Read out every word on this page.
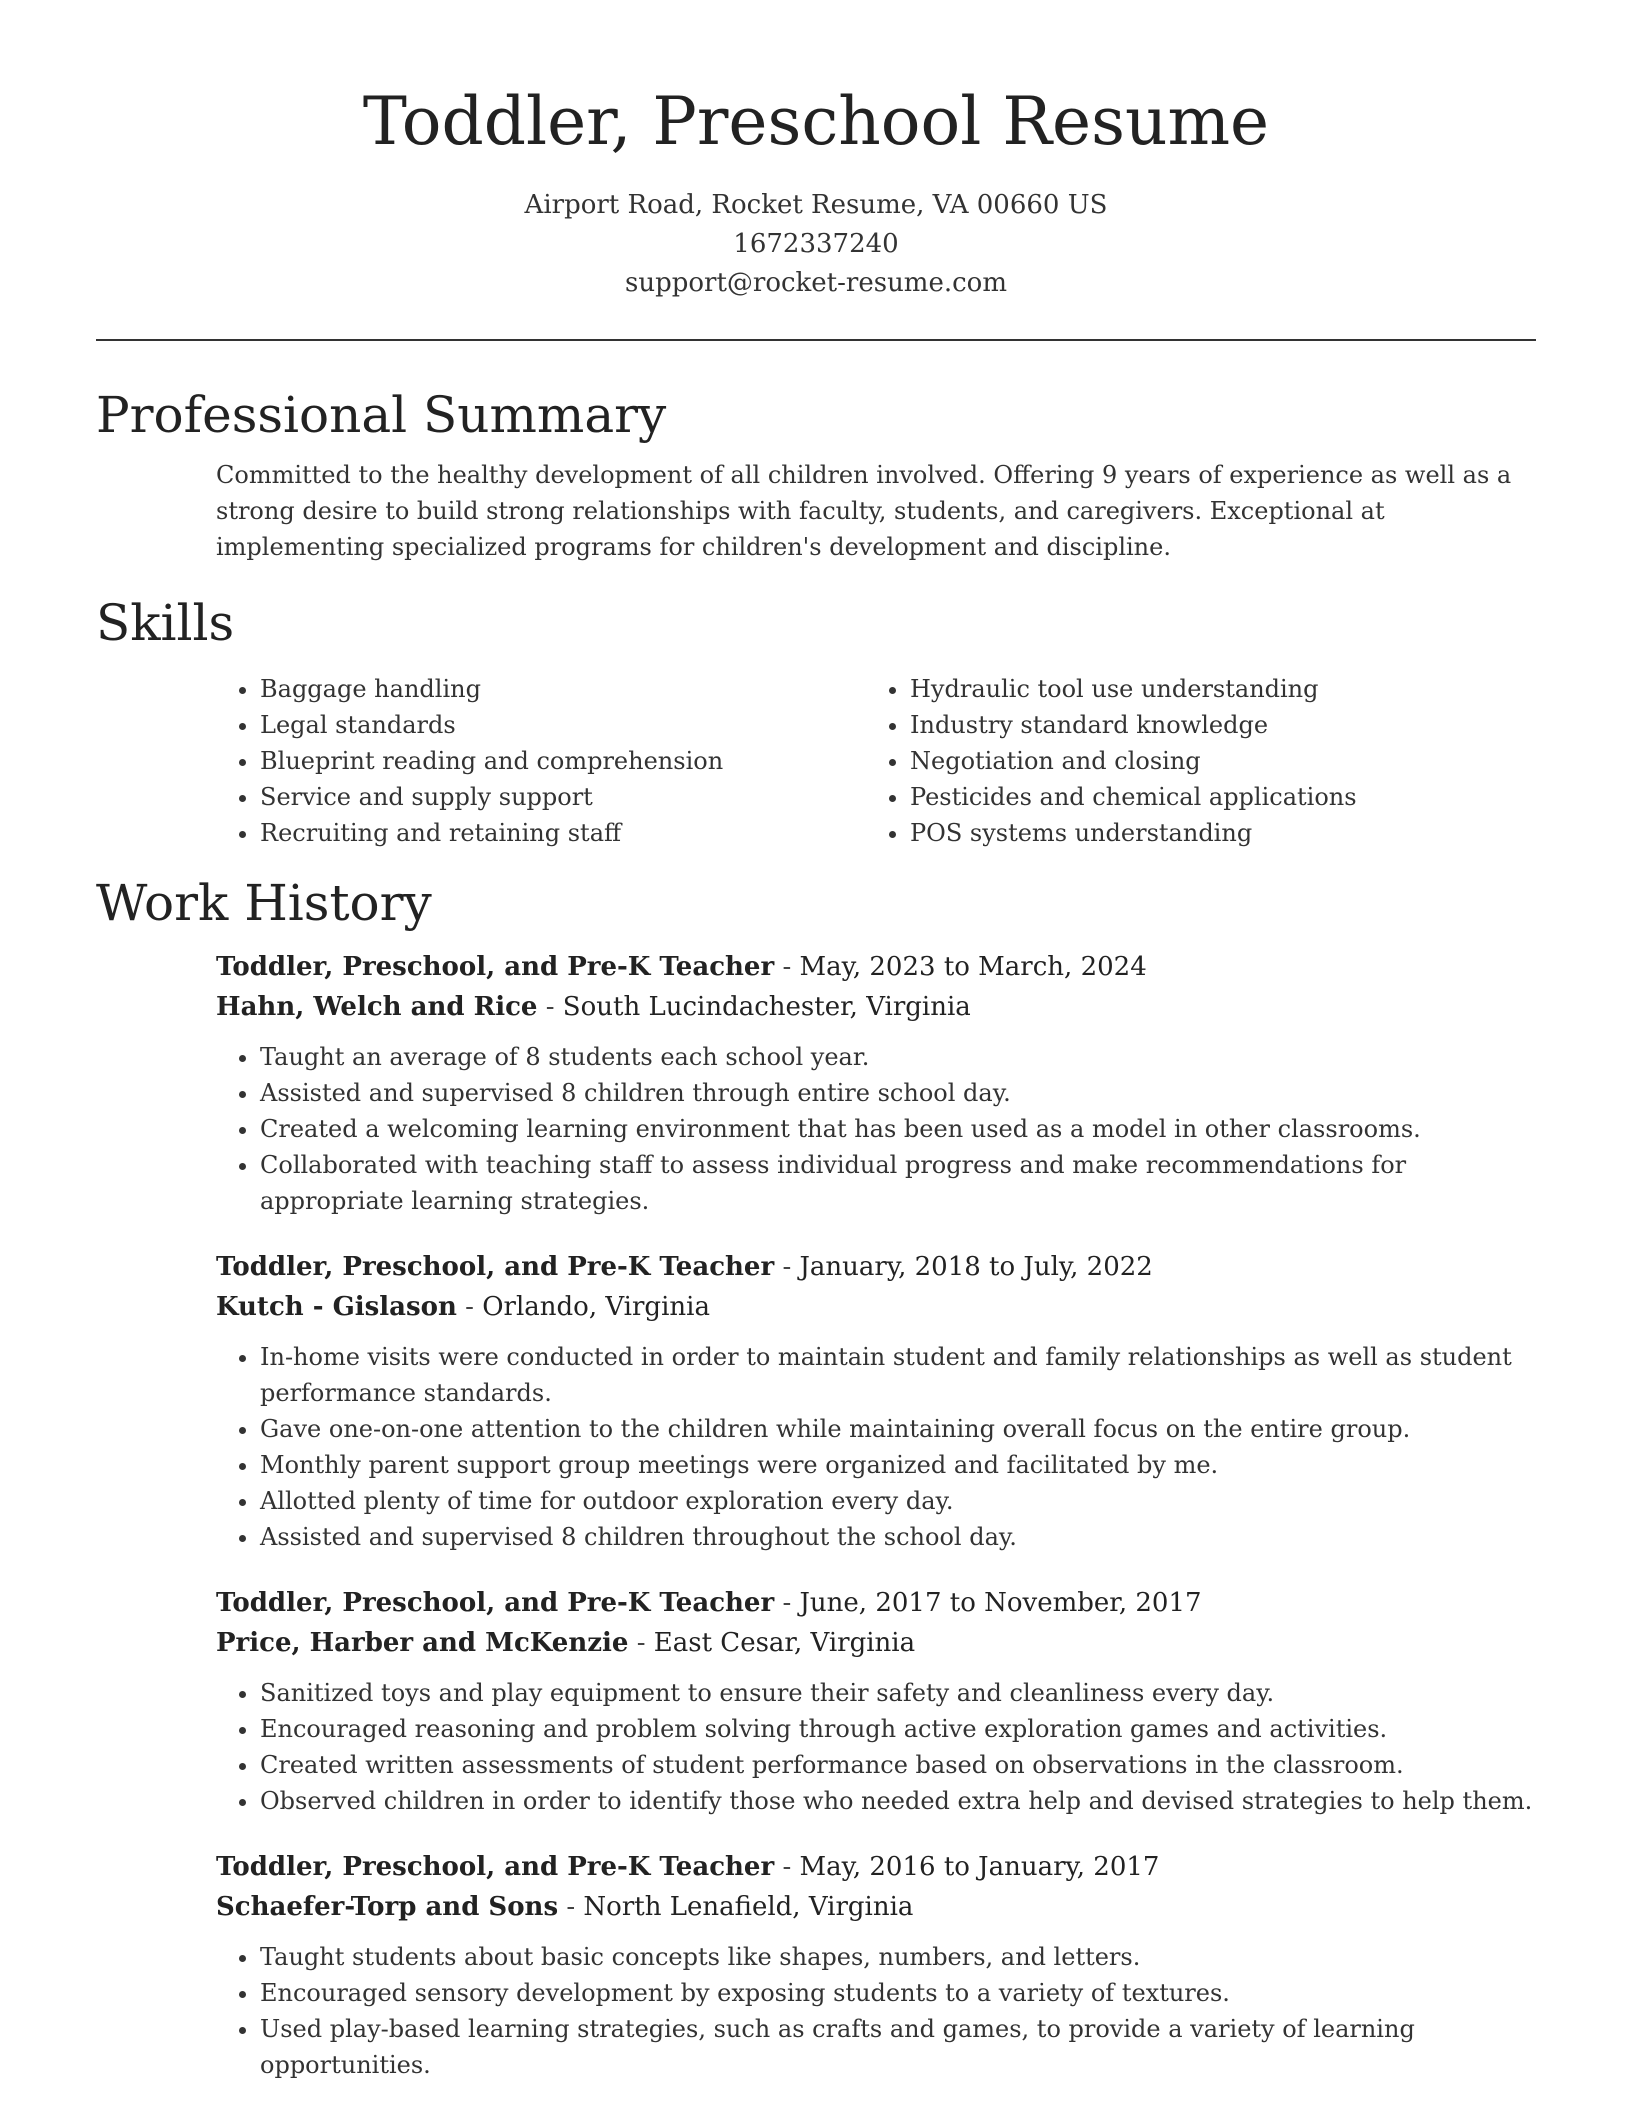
Toddler, Preschool Resume
Airport Road, Rocket Resume, VA 00660 US
1672337240
support@rocket-resume.com
Professional Summary

Committed to the healthy development of all children involved. Offering 9 years of experience as well as a strong desire to build strong relationships with faculty, students, and caregivers. Exceptional at implementing specialized programs for children's development and discipline.

Skills
• Baggage handling
• Legal standards
• Blueprint reading and comprehension
• Service and supply support
• Recruiting and retaining staff
• Hydraulic tool use understanding
• Industry standard knowledge
• Negotiation and closing
• Pesticides and chemical applications
• POS systems understanding
Work History
Toddler, Preschool, and Pre-K Teacher - May, 2023 to March, 2024
Hahn, Welch and Rice - South Lucindachester, Virginia
• Taught an average of 8 students each school year.
• Assisted and supervised 8 children through entire school day.
• Created a welcoming learning environment that has been used as a model in other classrooms.
• Collaborated with teaching staff to assess individual progress and make recommendations for appropriate learning strategies.
Toddler, Preschool, and Pre-K Teacher - January, 2018 to July, 2022
Kutch - Gislason - Orlando, Virginia
• In-home visits were conducted in order to maintain student and family relationships as well as student performance standards.
• Gave one-on-one attention to the children while maintaining overall focus on the entire group.
• Monthly parent support group meetings were organized and facilitated by me.
• Allotted plenty of time for outdoor exploration every day.
• Assisted and supervised 8 children throughout the school day.
Toddler, Preschool, and Pre-K Teacher - June, 2017 to November, 2017
Price, Harber and McKenzie - East Cesar, Virginia
• Sanitized toys and play equipment to ensure their safety and cleanliness every day.
• Encouraged reasoning and problem solving through active exploration games and activities.
• Created written assessments of student performance based on observations in the classroom.
• Observed children in order to identify those who needed extra help and devised strategies to help them.
Toddler, Preschool, and Pre-K Teacher - May, 2016 to January, 2017
Schaefer-Torp and Sons - North Lenafield, Virginia
• Taught students about basic concepts like shapes, numbers, and letters.
• Encouraged sensory development by exposing students to a variety of textures.
• Used play-based learning strategies, such as crafts and games, to provide a variety of learning opportunities.
